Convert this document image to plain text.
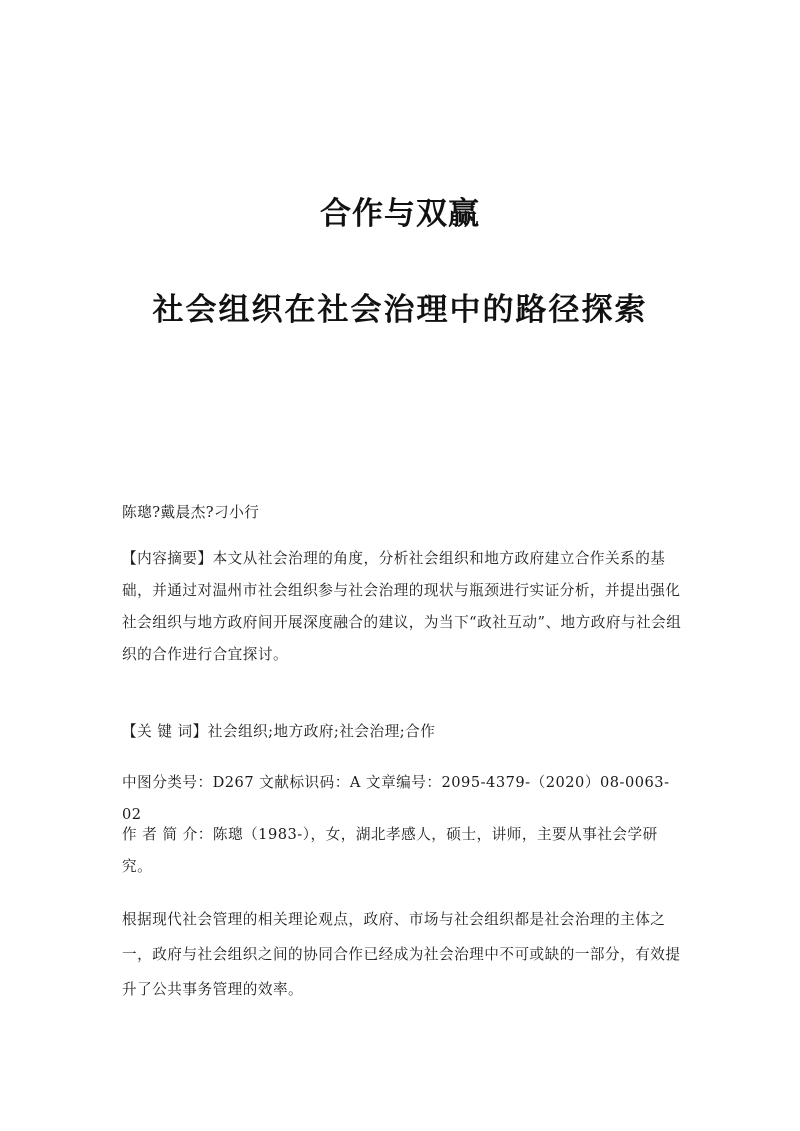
合作与双赢
社会组织在社会治理中的路径探索

陈璁?戴晨杰?刁小行

【内容摘要】本文从社会治理的角度，分析社会组织和地方政府建立合作关系的基础，并通过对温州市社会组织参与社会治理的现状与瓶颈进行实证分析，并提出强化社会组织与地方政府间开展深度融合的建议，为当下“政社互动”、地方政府与社会组织的合作进行合宜探讨。

【关 键 词】社会组织;地方政府;社会治理;合作

中图分类号：D267 文献标识码：A 文章编号：2095-4379-（2020）08-0063-02

作 者 简 介：陈璁（1983-），女，湖北孝感人，硕士，讲师，主要从事社会学研究。

根据现代社会管理的相关理论观点，政府、市场与社会组织都是社会治理的主体之一，政府与社会组织之间的协同合作已经成为社会治理中不可或缺的一部分，有效提升了公共事务管理的效率。
